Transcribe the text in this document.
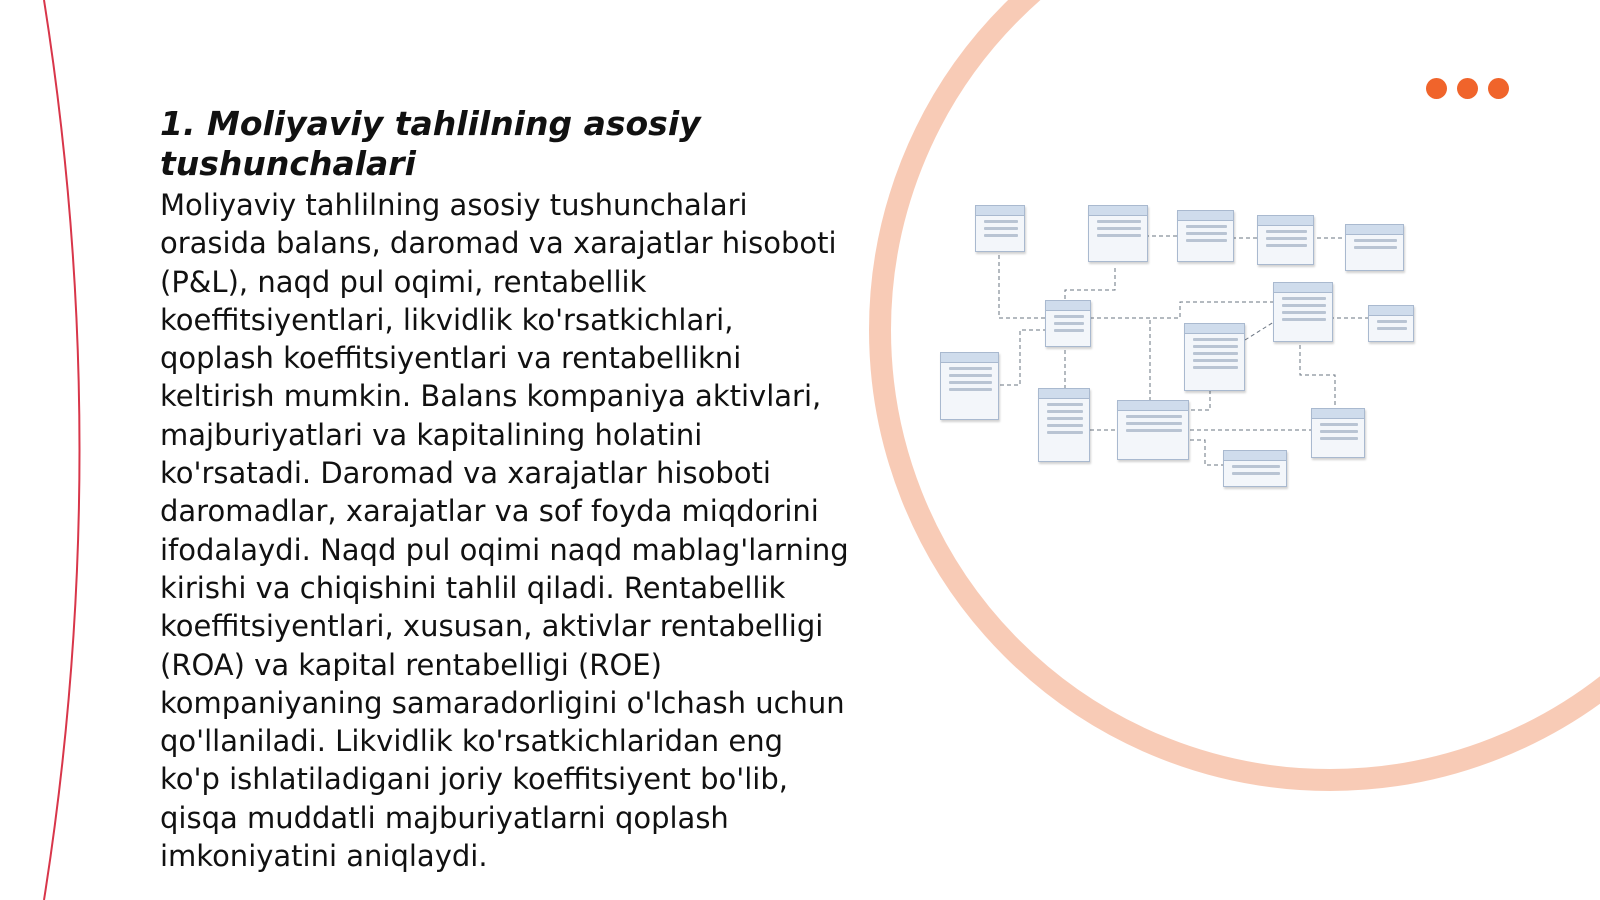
1. Moliyaviy tahlilning asosiy tushunchalari

Moliyaviy tahlilning asosiy tushunchalari orasida balans, daromad va xarajatlar hisoboti (P&L), naqd pul oqimi, rentabellik koeffitsiyentlari, likvidlik ko'rsatkichlari, qoplash koeffitsiyentlari va rentabellikni keltirish mumkin. Balans kompaniya aktivlari, majburiyatlari va kapitalining holatini ko'rsatadi. Daromad va xarajatlar hisoboti daromadlar, xarajatlar va sof foyda miqdorini ifodalaydi. Naqd pul oqimi naqd mablag'larning kirishi va chiqishini tahlil qiladi. Rentabellik koeffitsiyentlari, xususan, aktivlar rentabelligi (ROA) va kapital rentabelligi (ROE) kompaniyaning samaradorligini o'lchash uchun qo'llaniladi. Likvidlik ko'rsatkichlaridan eng ko'p ishlatiladigani joriy koeffitsiyent bo'lib, qisqa muddatli majburiyatlarni qoplash imkoniyatini aniqlaydi.
